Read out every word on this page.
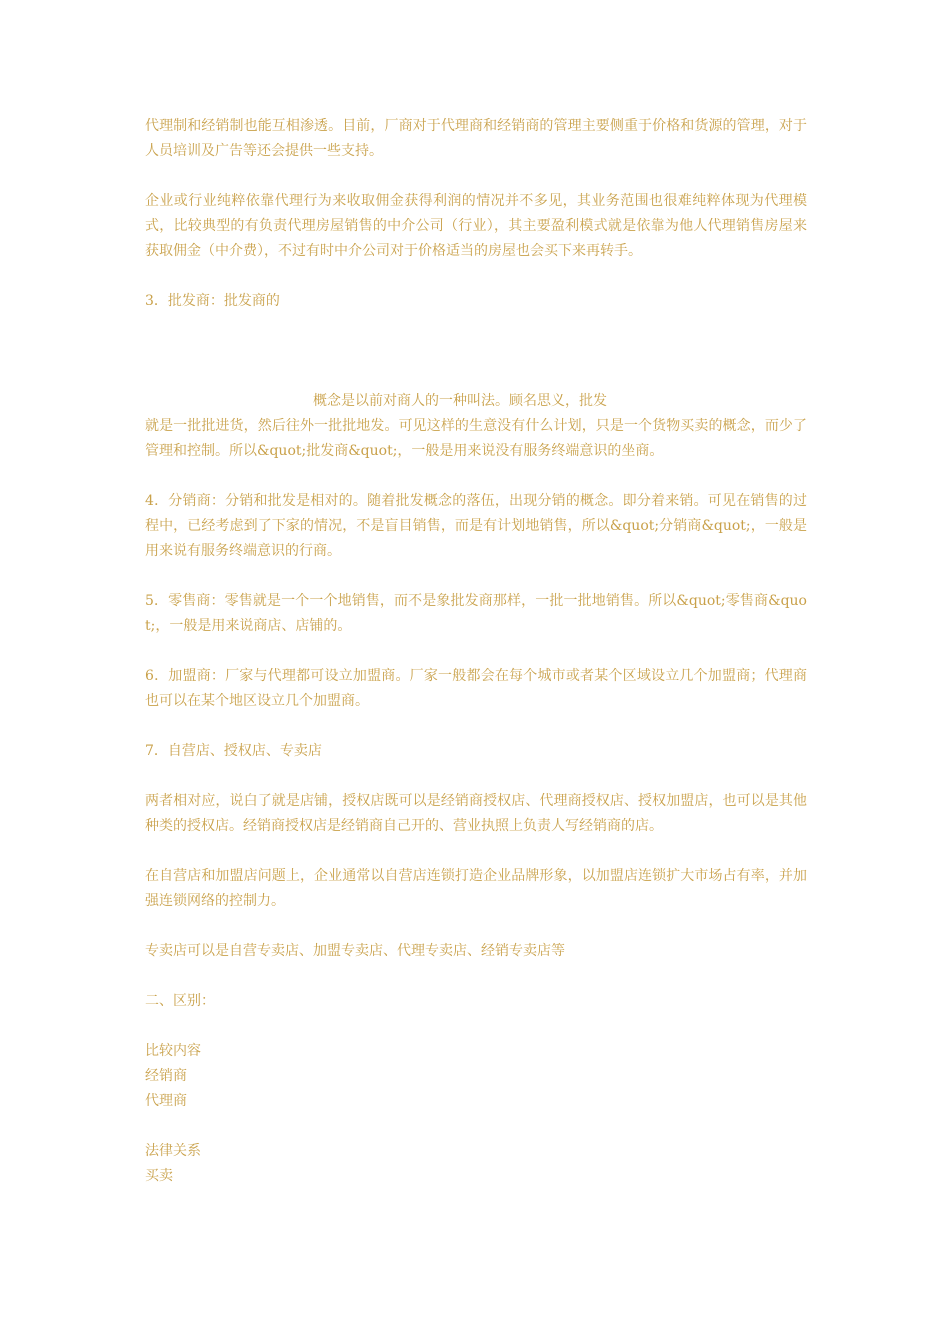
代理制和经销制也能互相渗透。目前，厂商对于代理商和经销商的管理主要侧重于价格和货源的管理，对于人员培训及广告等还会提供一些支持。

企业或行业纯粹依靠代理行为来收取佣金获得利润的情况并不多见，其业务范围也很难纯粹体现为代理模式，比较典型的有负责代理房屋销售的中介公司（行业），其主要盈利模式就是依靠为他人代理销售房屋来获取佣金（中介费），不过有时中介公司对于价格适当的房屋也会买下来再转手。

3．批发商：批发商的

概念是以前对商人的一种叫法。顾名思义，批发
就是一批批进货，然后往外一批批地发。可见这样的生意没有什么计划，只是一个货物买卖的概念，而少了管理和控制。所以&quot;批发商&quot;，一般是用来说没有服务终端意识的坐商。

4．分销商：分销和批发是相对的。随着批发概念的落伍，出现分销的概念。即分着来销。可见在销售的过程中，已经考虑到了下家的情况，不是盲目销售，而是有计划地销售，所以&quot;分销商&quot;，一般是用来说有服务终端意识的行商。

5．零售商：零售就是一个一个地销售，而不是象批发商那样，一批一批地销售。所以&quot;零售商&quot;，一般是用来说商店、店铺的。

6．加盟商：厂家与代理都可设立加盟商。厂家一般都会在每个城市或者某个区域设立几个加盟商；代理商也可以在某个地区设立几个加盟商。

7．自营店、授权店、专卖店

两者相对应，说白了就是店铺，授权店既可以是经销商授权店、代理商授权店、授权加盟店，也可以是其他种类的授权店。经销商授权店是经销商自己开的、营业执照上负责人写经销商的店。

在自营店和加盟店问题上，企业通常以自营店连锁打造企业品牌形象，以加盟店连锁扩大市场占有率，并加强连锁网络的控制力。

专卖店可以是自营专卖店、加盟专卖店、代理专卖店、经销专卖店等

二、区别：

比较内容
经销商
代理商
法律关系
买卖
